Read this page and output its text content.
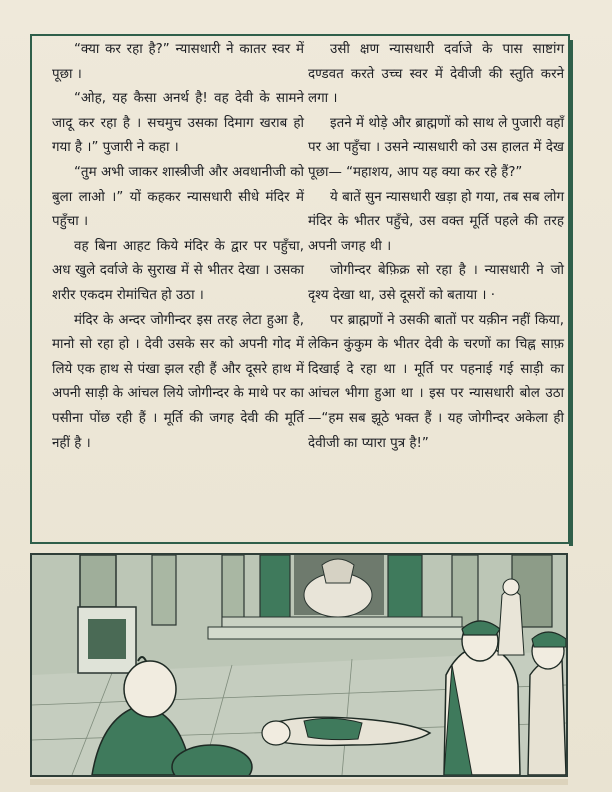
“क्या कर रहा है?” न्यासधारी ने कातर स्वर में पूछा ।

“ओह, यह कैसा अनर्थ है! वह देवी के सामने जादू कर रहा है । सचमुच उसका दिमाग खराब हो गया है ।” पुजारी ने कहा ।

“तुम अभी जाकर शास्त्रीजी और अवधानीजी को बुला लाओ ।” यों कहकर न्यासधारी सीधे मंदिर में पहुँचा ।

वह बिना आहट किये मंदिर के द्वार पर पहुँचा, अध खुले दर्वाजे के सुराख में से भीतर देखा । उसका शरीर एकदम रोमांचित हो उठा ।

मंदिर के अन्दर जोगीन्दर इस तरह लेटा हुआ है, मानो सो रहा हो । देवी उसके सर को अपनी गोद में लिये एक हाथ से पंखा झल रही हैं और दूसरे हाथ में अपनी साड़ी के आंचल लिये जोगीन्दर के माथे पर का पसीना पोंछ रही हैं । मूर्ति की जगह देवी की मूर्ति नहीं है ।

उसी क्षण न्यासधारी दर्वाजे के पास साष्टांग दण्डवत करते उच्च स्वर में देवीजी की स्तुति करने लगा ।

इतने में थोड़े और ब्राह्मणों को साथ ले पुजारी वहाँ पर आ पहुँचा । उसने न्यासधारी को उस हालत में देख पूछा— “महाशय, आप यह क्या कर रहे हैं?”

ये बातें सुन न्यासधारी खड़ा हो गया, तब सब लोग मंदिर के भीतर पहुँचे, उस वक्त मूर्ति पहले की तरह अपनी जगह थी ।

जोगीन्दर बेफ़िक्र सो रहा है । न्यासधारी ने जो दृश्य देखा था, उसे दूसरों को बताया । ·

पर ब्राह्मणों ने उसकी बातों पर यक़ीन नहीं किया, लेकिन कुंकुम के भीतर देवी के चरणों का चिह्न साफ़ दिखाई दे रहा था । मूर्ति पर पहनाई गई साड़ी का आंचल भीगा हुआ था । इस पर न्यासधारी बोल उठा—“हम सब झूठे भक्त हैं । यह जोगीन्दर अकेला ही देवीजी का प्यारा पुत्र है!”
